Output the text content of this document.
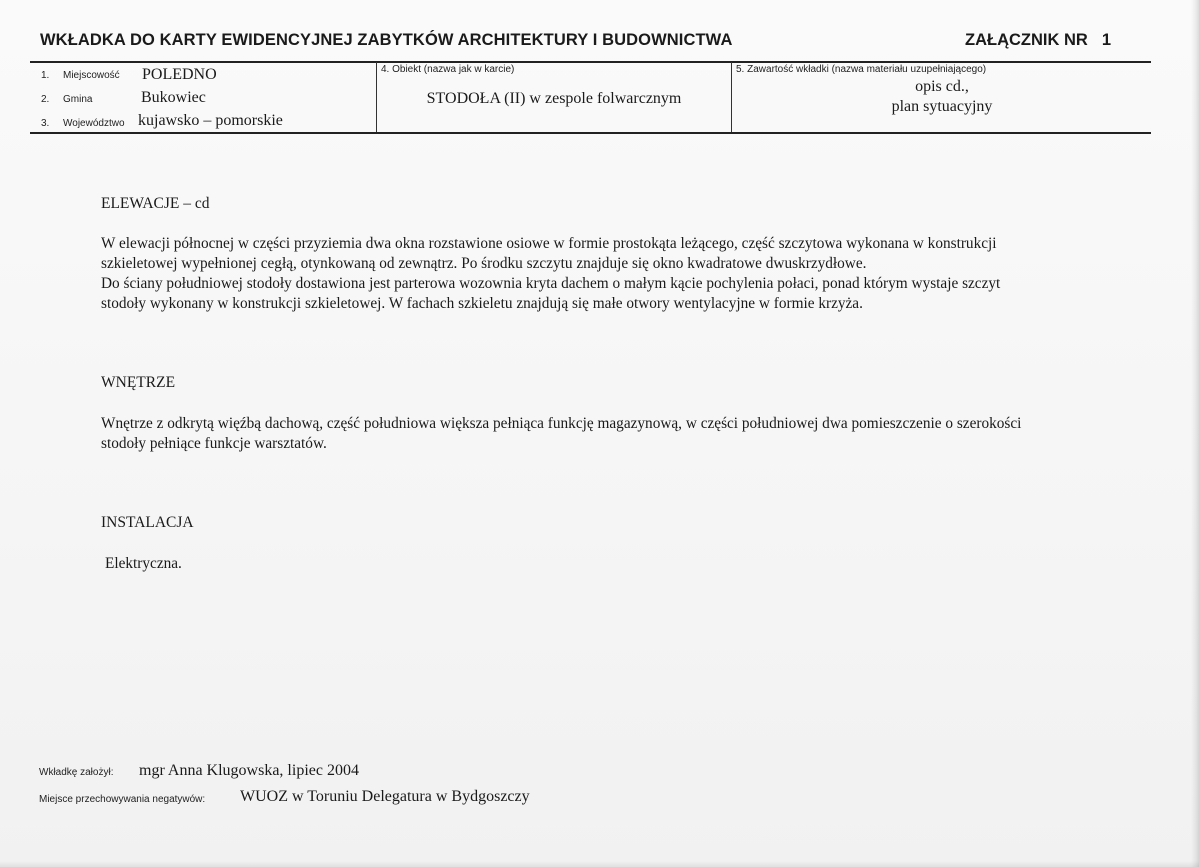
WKŁADKA DO KARTY EWIDENCYJNEJ ZABYTKÓW ARCHITEKTURY I BUDOWNICTWA	ZAŁĄCZNIK NR 1
1. Miejscowość POLEDNO
2. Gmina	Bukowiec
3. Województwo kujawsko – pomorskie
4. Obiekt (nazwa jak w karcie)
STODOŁA (II) w zespole folwarcznym
5. Zawartość wkładki (nazwa materiału uzupełniającego)
opis cd.,
plan sytuacyjny
ELEWACJE – cd
W elewacji północnej w części przyziemia dwa okna rozstawione osiowe w formie prostokąta leżącego, część szczytowa wykonana w konstrukcji
szkieletowej wypełnionej cegłą, otynkowaną od zewnątrz. Po środku szczytu znajduje się okno kwadratowe dwuskrzydłowe.
Do ściany południowej stodoły dostawiona jest parterowa wozownia kryta dachem o małym kącie pochylenia połaci, ponad którym wystaje szczyt
stodoły wykonany w konstrukcji szkieletowej. W fachach szkieletu znajdują się małe otwory wentylacyjne w formie krzyża.
WNĘTRZE
Wnętrze z odkrytą więźbą dachową, część południowa większa pełniąca funkcję magazynową, w części południowej dwa pomieszczenie o szerokości
stodoły pełniące funkcje warsztatów.
INSTALACJA
Elektryczna.
Wkładkę założył: mgr Anna Klugowska, lipiec 2004
Miejsce przechowywania negatywów: WUOZ w Toruniu Delegatura w Bydgoszczy
